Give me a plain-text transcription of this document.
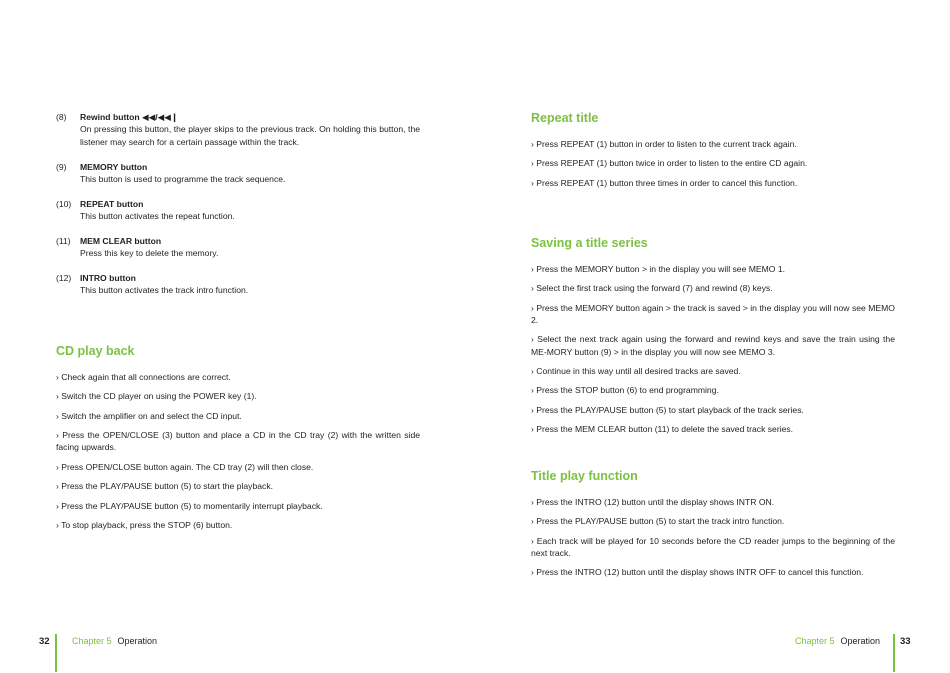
(8) Rewind button ◀◀/◀◀❙
On pressing this button, the player skips to the previous track. On holding this button, the listener may search for a certain passage within the track.
(9) MEMORY button
This button is used to programme the track sequence.
(10) REPEAT button
This button activates the repeat function.
(11) MEM CLEAR button
Press this key to delete the memory.
(12) INTRO button
This button activates the track intro function.
CD play back
› Check again that all connections are correct.
› Switch the CD player on using the POWER key (1).
› Switch the amplifier on and select the CD input.
› Press the OPEN/CLOSE (3) button and place a CD in the CD tray (2) with the written side facing upwards.
› Press OPEN/CLOSE button again. The CD tray (2) will then close.
› Press the PLAY/PAUSE button (5) to start the playback.
› Press the PLAY/PAUSE button (5) to momentarily interrupt playback.
› To stop playback, press the STOP (6) button.
Repeat title
› Press REPEAT (1) button in order to listen to the current track again.
› Press REPEAT (1) button twice in order to listen to the entire CD again.
› Press REPEAT (1) button three times in order to cancel this function.
Saving a title series
› Press the MEMORY button > in the display you will see MEMO 1.
› Select the first track using the forward (7) and rewind (8) keys.
› Press the MEMORY button again > the track is saved > in the display you will now see MEMO 2.
› Select the next track again using the forward and rewind keys and save the train using the ME-MORY button (9) > in the display you will now see MEMO 3.
› Continue in this way until all desired tracks are saved.
› Press the STOP button (6) to end programming.
› Press the PLAY/PAUSE button (5) to start playback of the track series.
› Press the MEM CLEAR button (11) to delete the saved track series.
Title play function
› Press the INTRO (12) button until the display shows INTR ON.
› Press the PLAY/PAUSE button (5) to start the track intro function.
› Each track will be played for 10 seconds before the CD reader jumps to the beginning of the next track.
› Press the INTRO (12) button until the display shows INTR OFF to cancel this function.
32 Chapter 5 Operation	Chapter 5 Operation 33
